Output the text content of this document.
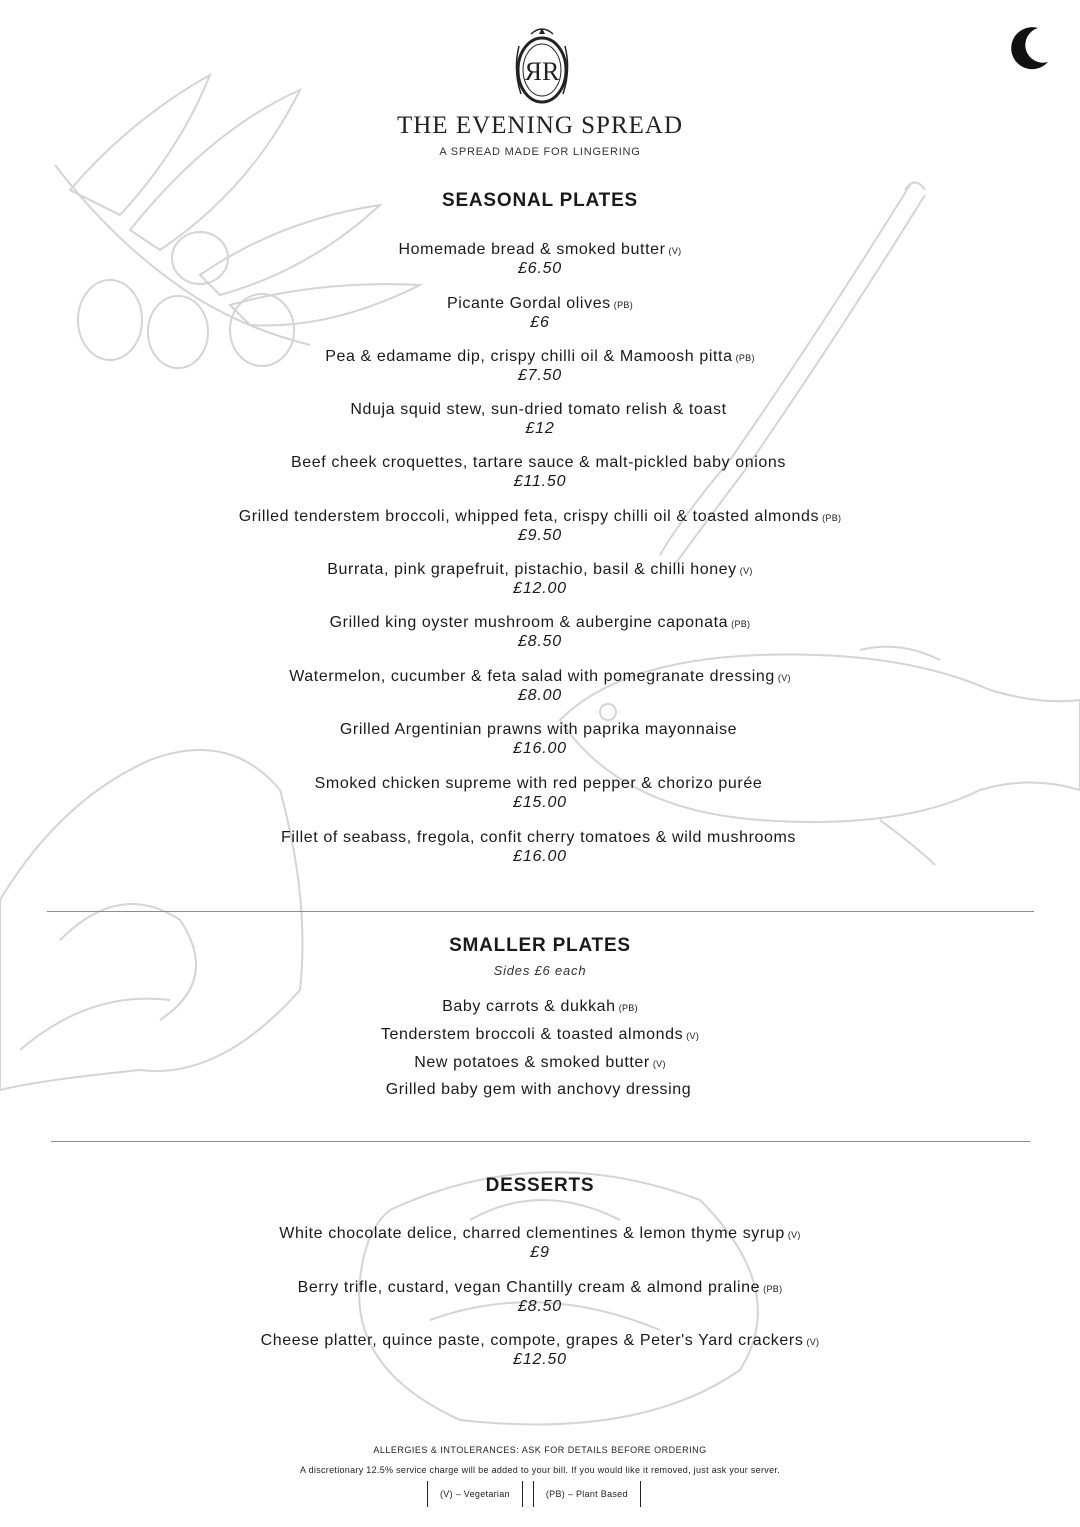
ЯR
THE EVENING SPREAD
A SPREAD MADE FOR LINGERING
SEASONAL PLATES
Homemade bread & smoked butter (V)
£6.50
Picante Gordal olives (PB)
£6
Pea & edamame dip, crispy chilli oil & Mamoosh pitta (PB)
£7.50
Nduja squid stew, sun-dried tomato relish & toast
£12
Beef cheek croquettes, tartare sauce & malt-pickled baby onions
£11.50
Grilled tenderstem broccoli, whipped feta, crispy chilli oil & toasted almonds (PB)
£9.50
Burrata, pink grapefruit, pistachio, basil & chilli honey (V)
£12.00
Grilled king oyster mushroom & aubergine caponata (PB)
£8.50
Watermelon, cucumber & feta salad with pomegranate dressing (V)
£8.00
Grilled Argentinian prawns with paprika mayonnaise
£16.00
Smoked chicken supreme with red pepper & chorizo purée
£15.00
Fillet of seabass, fregola, confit cherry tomatoes & wild mushrooms
£16.00
SMALLER PLATES
Sides £6 each
Baby carrots & dukkah (PB)
Tenderstem broccoli & toasted almonds (V)
New potatoes & smoked butter (V)
Grilled baby gem with anchovy dressing
DESSERTS
White chocolate delice, charred clementines & lemon thyme syrup (V)
£9
Berry trifle, custard, vegan Chantilly cream & almond praline (PB)
£8.50
Cheese platter, quince paste, compote, grapes & Peter's Yard crackers (V)
£12.50
ALLERGIES & INTOLERANCES: ASK FOR DETAILS BEFORE ORDERING
A discretionary 12.5% service charge will be added to your bill. If you would like it removed, just ask your server.
(V) – Vegetarian	(PB) – Plant Based
